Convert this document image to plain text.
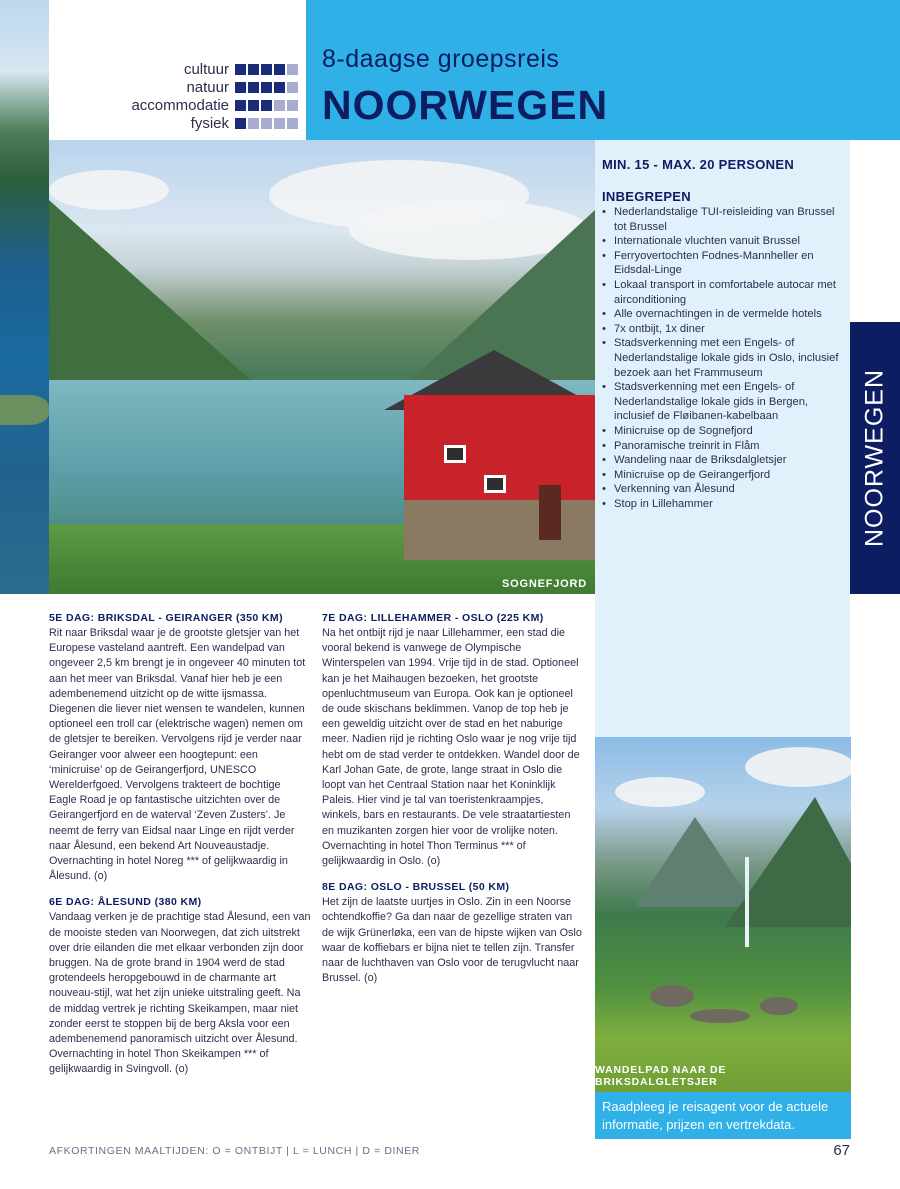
cultuur
natuur
accommodatie
fysiek
8-daagse groepsreis
NOORWEGEN
SOGNEFJORD
MIN. 15 - MAX. 20 PERSONEN
INBEGREPEN
• Nederlandstalige TUI-reisleiding van Brussel tot Brussel
• Internationale vluchten vanuit Brussel
• Ferryovertochten Fodnes-Mannheller en Eidsdal-Linge
• Lokaal transport in comfortabele autocar met airconditioning
• Alle overnachtingen in de vermelde hotels
• 7x ontbijt, 1x diner
• Stadsverkenning met een Engels- of Nederlandstalige lokale gids in Oslo, inclusief bezoek aan het Frammuseum
• Stadsverkenning met een Engels- of Nederlandstalige lokale gids in Bergen, inclusief de Fløibanen-kabelbaan
• Minicruise op de Sognefjord
• Panoramische treinrit in Flåm
• Wandeling naar de Briksdalgletsjer
• Minicruise op de Geirangerfjord
• Verkenning van Ålesund
• Stop in Lillehammer	NOORWEGEN
5E DAG: BRIKSDAL - GEIRANGER (350 KM)
Rit naar Briksdal waar je de grootste gletsjer van het Europese vasteland aantreft. Een wandelpad van ongeveer 2,5 km brengt je in ongeveer 40 minuten tot aan het meer van Briksdal. Vanaf hier heb je een adembenemend uitzicht op de witte ijsmassa. Diegenen die liever niet wensen te wandelen, kunnen optioneel een troll car (elektrische wagen) nemen om de gletsjer te bereiken. Vervolgens rijd je verder naar Geiranger voor alweer een hoogtepunt: een ‘minicruise’ op de Geirangerfjord, UNESCO Werelderfgoed. Vervolgens trakteert de bochtige Eagle Road je op fantastische uitzichten over de Geirangerfjord en de waterval ‘Zeven Zusters’. Je neemt de ferry van Eidsal naar Linge en rijdt verder naar Ålesund, een bekend Art Nouveaustadje. Overnachting in hotel Noreg *** of gelijkwaardig in Ålesund. (o)
6E DAG: ÅLESUND (380 KM)
Vandaag verken je de prachtige stad Ålesund, een van de mooiste steden van Noorwegen, dat zich uitstrekt over drie eilanden die met elkaar verbonden zijn door bruggen. Na de grote brand in 1904 werd de stad grotendeels heropgebouwd in de charmante art nouveau-stijl, wat het zijn unieke uitstraling geeft. Na de middag vertrek je richting Skeikampen, maar niet zonder eerst te stoppen bij de berg Aksla voor een adembenemend panoramisch uitzicht over Ålesund. Overnachting in hotel Thon Skeikampen *** of gelijkwaardig in Svingvoll. (o)
7E DAG: LILLEHAMMER - OSLO (225 KM)
Na het ontbijt rijd je naar Lillehammer, een stad die vooral bekend is vanwege de Olympische Winterspelen van 1994. Vrije tijd in de stad. Optioneel kan je het Maihaugen bezoeken, het grootste openluchtmuseum van Europa. Ook kan je optioneel de oude skischans beklimmen. Vanop de top heb je een geweldig uitzicht over de stad en het naburige meer. Nadien rijd je richting Oslo waar je nog vrije tijd hebt om de stad verder te ontdekken. Wandel door de Karl Johan Gate, de grote, lange straat in Oslo die loopt van het Centraal Station naar het Koninklijk Paleis. Hier vind je tal van toeristenkraampjes, winkels, bars en restaurants. De vele straatartiesten en muzikanten zorgen hier voor de vrolijke noten. Overnachting in hotel Thon Terminus *** of gelijkwaardig in Oslo. (o)
8E DAG: OSLO - BRUSSEL (50 KM)
Het zijn de laatste uurtjes in Oslo. Zin in een Noorse ochtendkoffie? Ga dan naar de gezellige straten van de wijk Grünerløka, een van de hipste wijken van Oslo waar de koffiebars er bijna niet te tellen zijn. Transfer naar de luchthaven van Oslo voor de terugvlucht naar Brussel. (o)
WANDELPAD NAAR DE BRIKSDALGLETSJER
Raadpleeg je reisagent voor de actuele informatie, prijzen en vertrekdata.
AFKORTINGEN MAALTIJDEN: O = ONTBIJT | L = LUNCH | D = DINER	67
